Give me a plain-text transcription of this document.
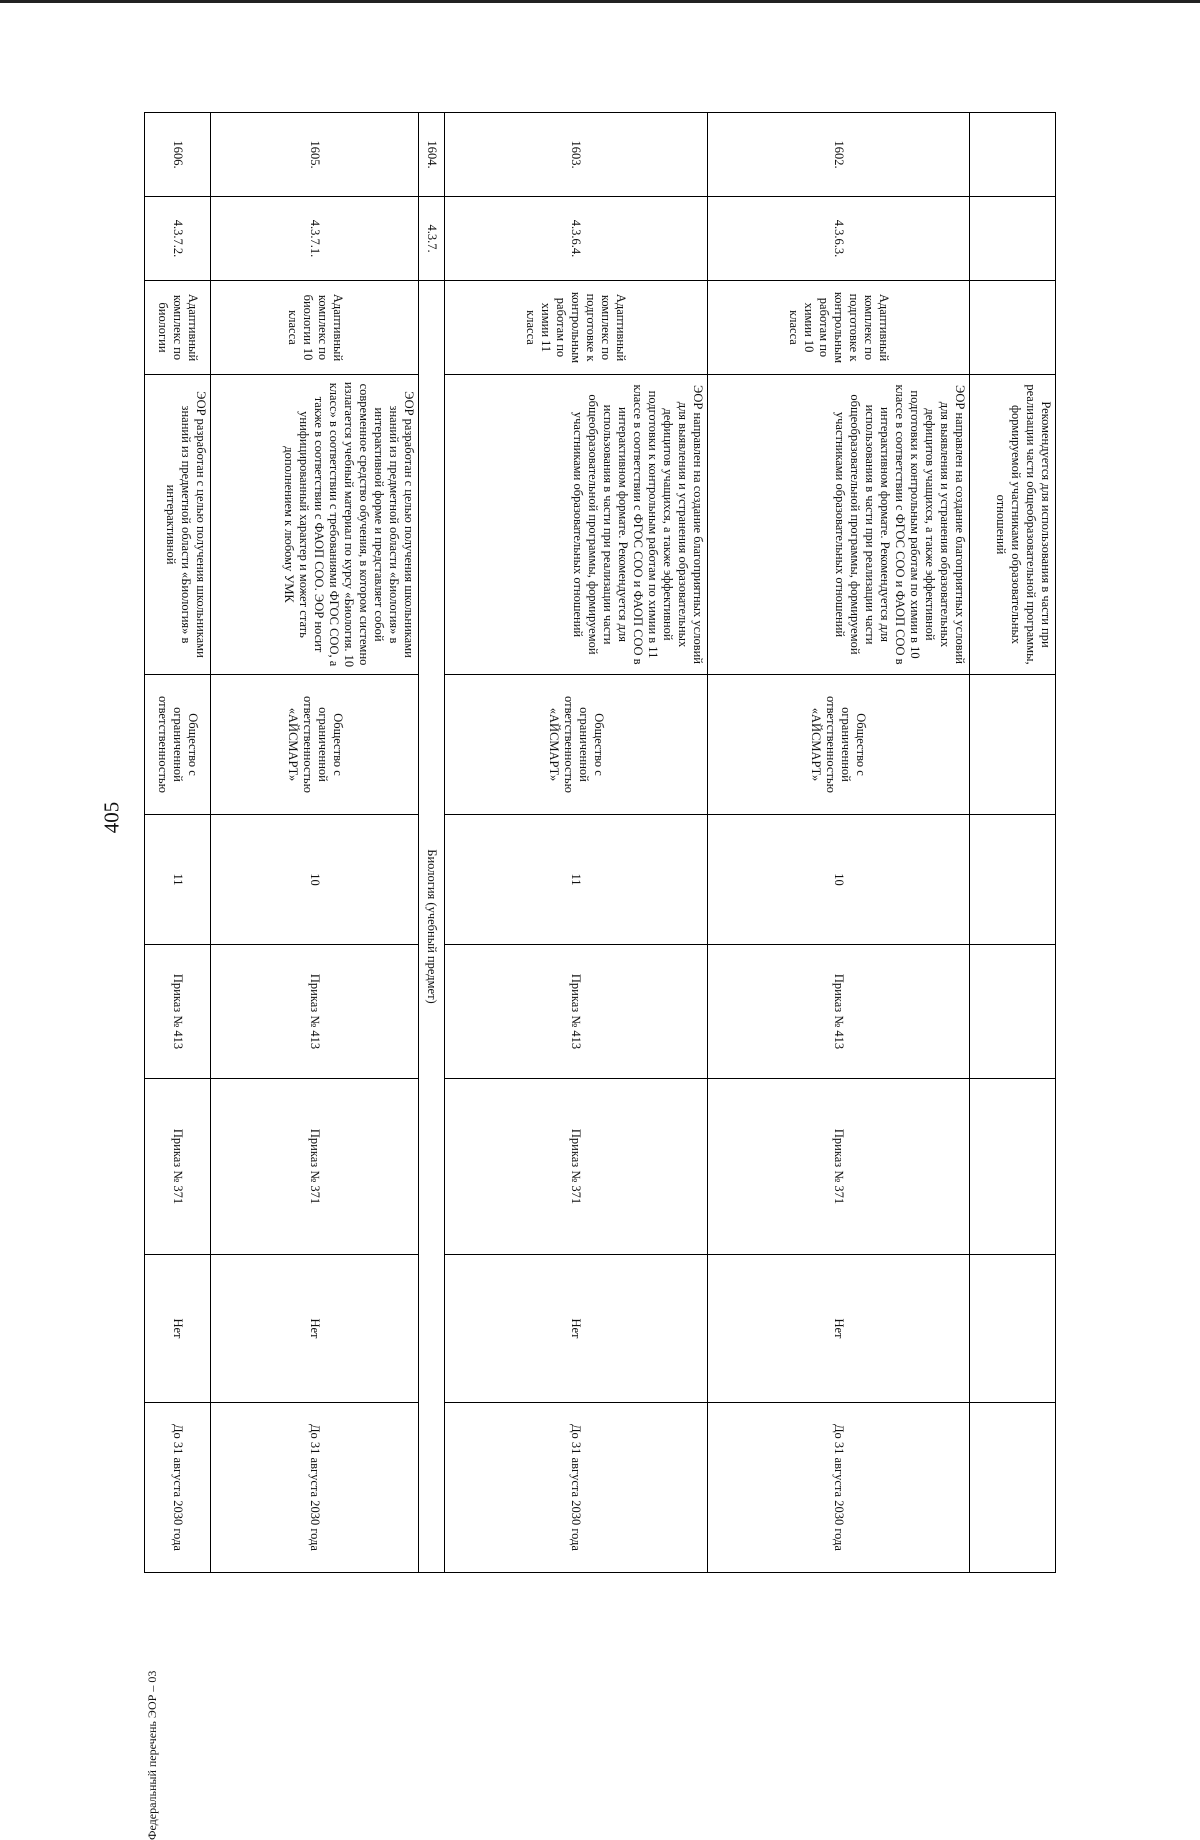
405
Федеральный перечень ЭОР – 03
			Рекомендуется для использования в части при реализации части общеобразовательной программы, формируемой участниками образовательных отношений						
1602.	4.3.6.3.	Адаптивный комплекс по подготовке к контрольным работам по химии 10 класса	ЭОР направлен на создание благоприятных условий для выявления и устранения образовательных дефицитов учащихся, а также эффективной подготовки к контрольным работам по химии в 10 классе в соответствии с ФГОС СОО и ФАОП СОО в интерактивном формате. Рекомендуется для использования в части при реализации части общеобразовательной программы, формируемой участниками образовательных отношений	Общество с ограниченной ответственностью «АЙСМАРТ»	10	Приказ № 413	Приказ № 371	Нет	До 31 августа 2030 года
1603.	4.3.6.4.	Адаптивный комплекс по подготовке к контрольным работам по химии 11 класса	ЭОР направлен на создание благоприятных условий для выявления и устранения образовательных дефицитов учащихся, а также эффективной подготовки к контрольным работам по химии в 11 классе в соответствии с ФГОС СОО и ФАОП СОО в интерактивном формате. Рекомендуется для использования в части при реализации части общеобразовательной программы, формируемой участниками образовательных отношений	Общество с ограниченной ответственностью «АЙСМАРТ»	11	Приказ № 413	Приказ № 371	Нет	До 31 августа 2030 года
1604.	4.3.7.	Биология (учебный предмет)							
1605.	4.3.7.1.	Адаптивный комплекс по биологии 10 класса	ЭОР разработан с целью получения школьниками знаний из предметной области «Биология» в интерактивной форме и представляет собой современное средство обучения, в котором системно излагается учебный материал по курсу «Биология. 10 класс» в соответствии с требованиями ФГОС СОО, а также в соответствии с ФАОП СОО. ЭОР носит унифицированный характер и может стать дополнением к любому УМК	Общество с ограниченной ответственностью «АЙСМАРТ»	10	Приказ № 413	Приказ № 371	Нет	До 31 августа 2030 года
1606.	4.3.7.2.	Адаптивный комплекс по биологии	ЭОР разработан с целью получения школьниками знаний из предметной области «Биология» в интерактивной	Общество с ограниченной ответственностью	11	Приказ № 413	Приказ № 371	Нет	До 31 августа 2030 года
